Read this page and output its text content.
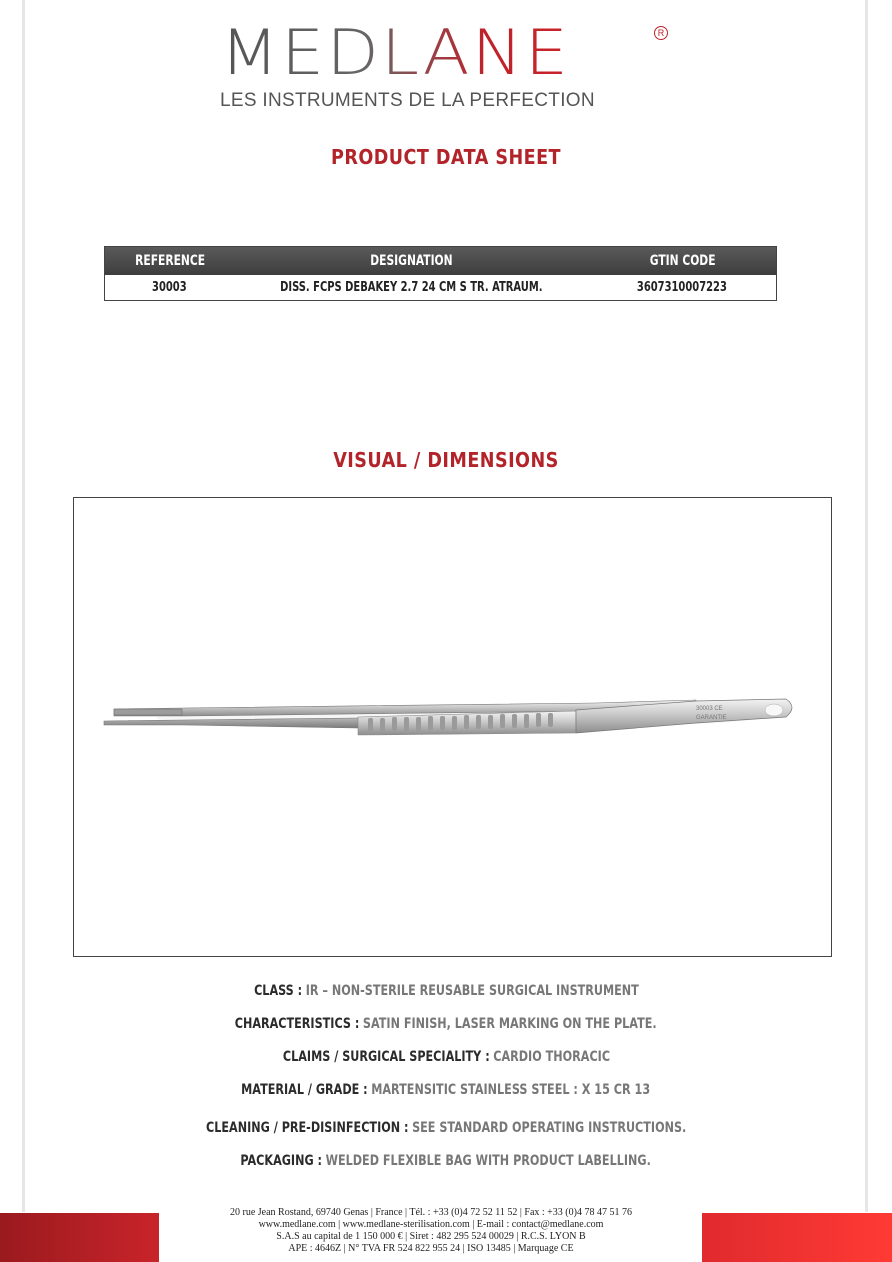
MEDLANE	R
LES INSTRUMENTS DE LA PERFECTION
PRODUCT DATA SHEET
REFERENCE	DESIGNATION	GTIN CODE
30003	DISS. FCPS DEBAKEY 2.7 24 CM S TR. ATRAUM.	3607310007223
VISUAL / DIMENSIONS
30003 CE
GARANTIE
CLASS : IR – NON-STERILE REUSABLE SURGICAL INSTRUMENT
CHARACTERISTICS : SATIN FINISH, LASER MARKING ON THE PLATE.
CLAIMS / SURGICAL SPECIALITY : CARDIO THORACIC
MATERIAL / GRADE : MARTENSITIC STAINLESS STEEL : X 15 CR 13
CLEANING / PRE-DISINFECTION : SEE STANDARD OPERATING INSTRUCTIONS.
PACKAGING : WELDED FLEXIBLE BAG WITH PRODUCT LABELLING.
20 rue Jean Rostand, 69740 Genas | France | Tél. : +33 (0)4 72 52 11 52 | Fax : +33 (0)4 78 47 51 76
www.medlane.com | www.medlane-sterilisation.com | E-mail : contact@medlane.com
S.A.S au capital de 1 150 000 € | Siret : 482 295 524 00029 | R.C.S. LYON B
APE : 4646Z | N° TVA FR 524 822 955 24 | ISO 13485 | Marquage CE
